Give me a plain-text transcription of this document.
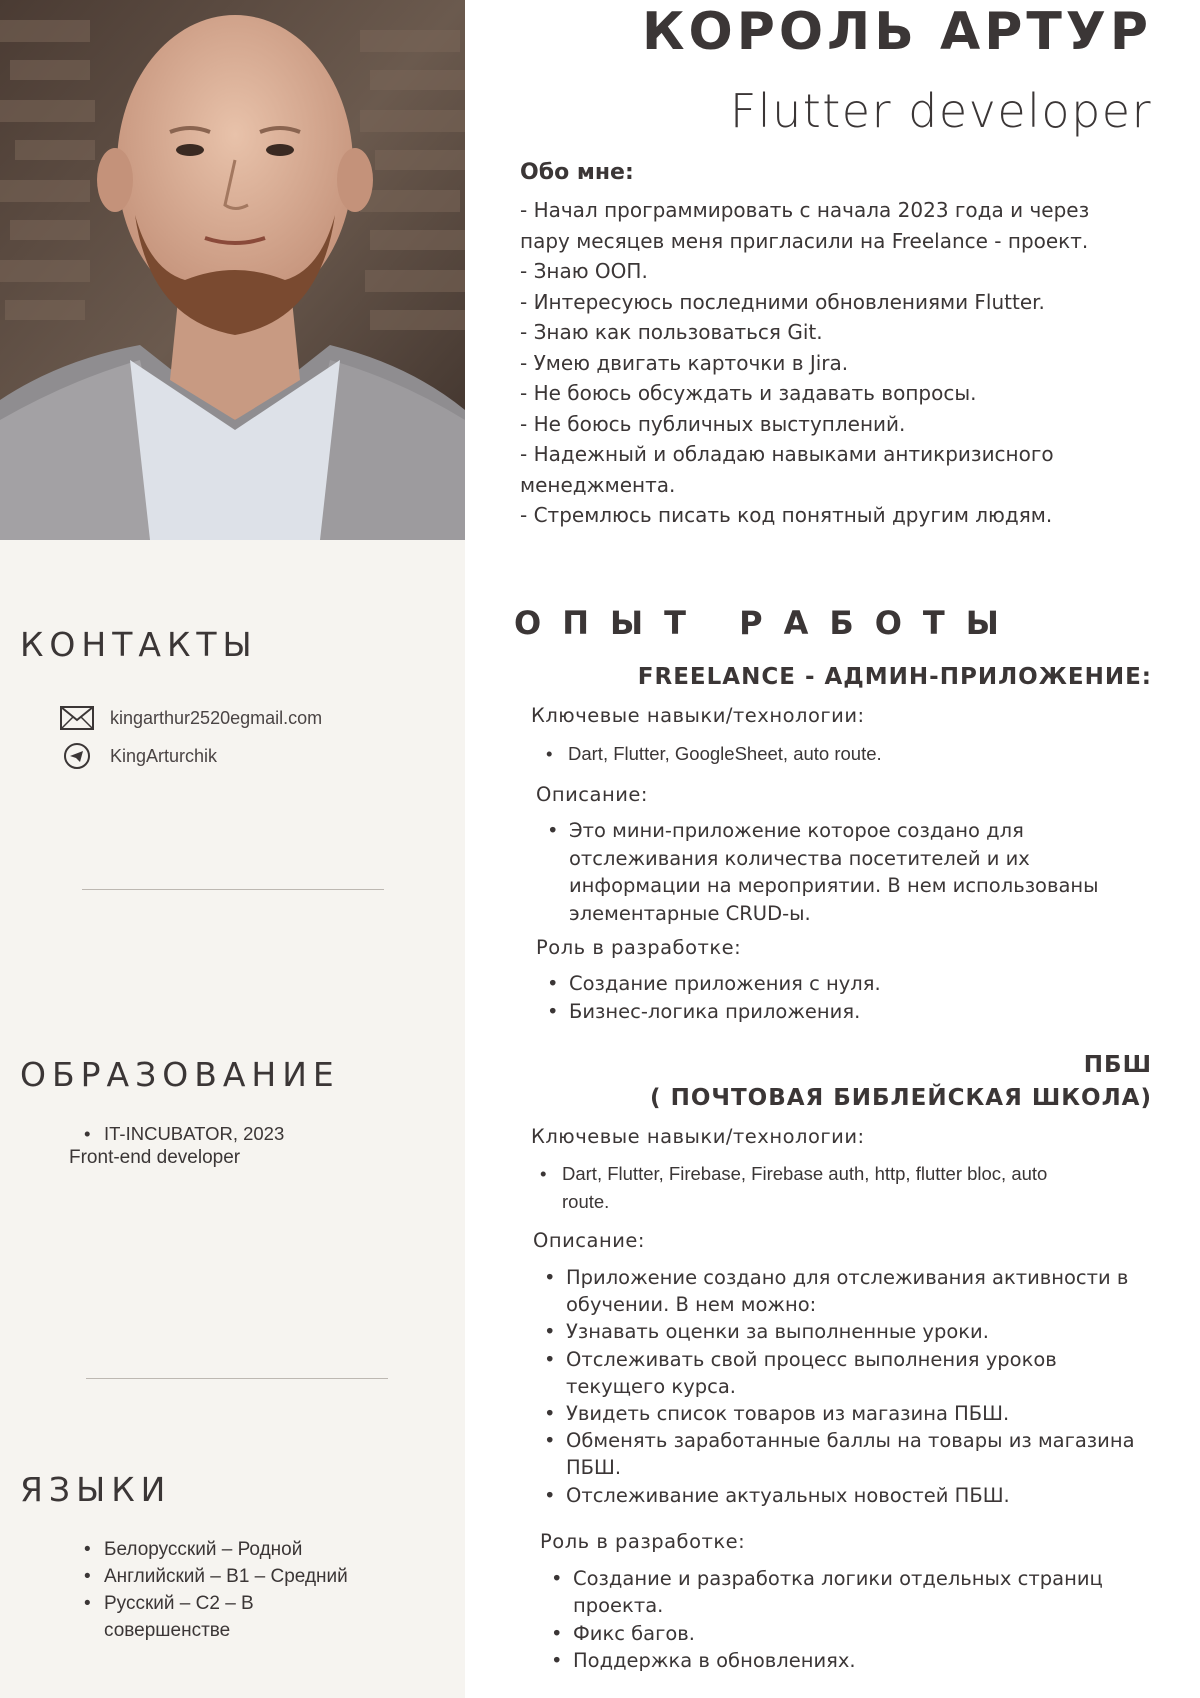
КОНТАКТЫ
kingarthur2520egmail.com
KingArturchik
ОБРАЗОВАНИЕ
• IT-INCUBATOR, 2023
Front-end developer
ЯЗЫКИ
• Белорусский – Родной
• Английский – B1 – Средний
• Русский – C2 – В
совершенстве
КОРОЛЬ АРТУР
Flutter developer
Обо мне:
- Начал программировать с начала 2023 года и через
пару месяцев меня пригласили на Freelance - проект.
- Знаю ООП.
- Интересуюсь последними обновлениями Flutter.
- Знаю как пользоваться Git.
- Умею двигать карточки в Jira.
- Не боюсь обсуждать и задавать вопросы.
- Не боюсь публичных выступлений.
- Надежный и обладаю навыками антикризисного
менеджмента.
- Стремлюсь писать код понятный другим людям.
ОПЫТ РАБОТЫ
FREELANCE - АДМИН-ПРИЛОЖЕНИЕ:
Ключевые навыки/технологии:
• Dart, Flutter, GoogleSheet, auto route.
Описание:
• Это мини-приложение которое создано для
отслеживания количества посетителей и их
информации на мероприятии. В нем использованы
элементарные CRUD-ы.
Роль в разработке:
• Создание приложения с нуля.
• Бизнес-логика приложения.
ПБШ
( ПОЧТОВАЯ БИБЛЕЙСКАЯ ШКОЛА)
Ключевые навыки/технологии:
• Dart, Flutter, Firebase, Firebase auth, http, flutter bloc, auto
route.
Описание:
• Приложение создано для отслеживания активности в
обучении. В нем можно:
• Узнавать оценки за выполненные уроки.
• Отслеживать свой процесс выполнения уроков
текущего курса.
• Увидеть список товаров из магазина ПБШ.
• Обменять заработанные баллы на товары из магазина
ПБШ.
• Отслеживание актуальных новостей ПБШ.
Роль в разработке:
• Создание и разработка логики отдельных страниц
проекта.
• Фикс багов.
• Поддержка в обновлениях.
